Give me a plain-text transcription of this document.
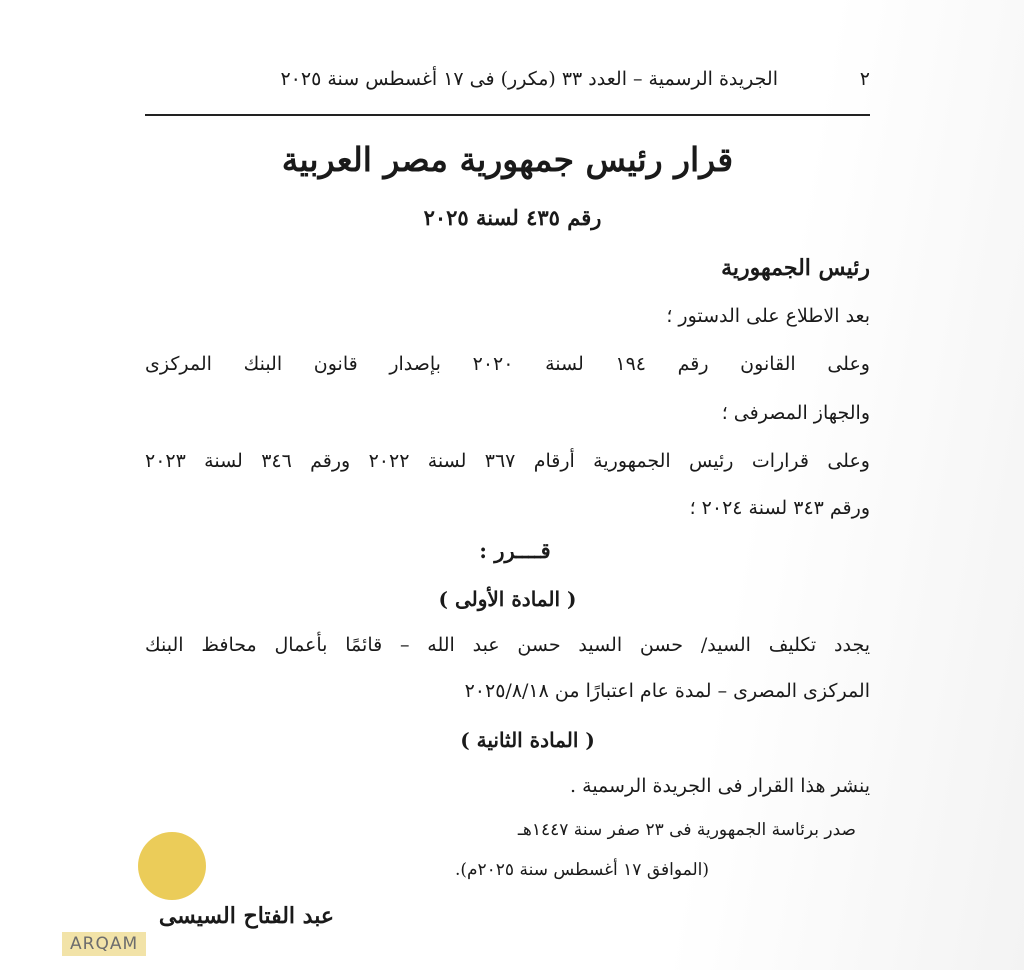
٢
الجريدة الرسمية – العدد ٣٣ (مكرر) فى ١٧ أغسطس سنة ٢٠٢٥
قرار رئيس جمهورية مصر العربية
رقم ٤٣٥ لسنة ٢٠٢٥
رئيس الجمهورية
بعد الاطلاع على الدستور ؛
وعلى القانون رقم ١٩٤ لسنة ٢٠٢٠ بإصدار قانون البنك المركزى
والجهاز المصرفى ؛
وعلى قرارات رئيس الجمهورية أرقام ٣٦٧ لسنة ٢٠٢٢ ورقم ٣٤٦ لسنة ٢٠٢٣
ورقم ٣٤٣ لسنة ٢٠٢٤ ؛
قــــرر :
( المادة الأولى )
يجدد تكليف السيد/ حسن السيد حسن عبد الله – قائمًا بأعمال محافظ البنك
المركزى المصرى – لمدة عام اعتبارًا من ٢٠٢٥/٨/١٨
( المادة الثانية )
ينشر هذا القرار فى الجريدة الرسمية .
صدر برئاسة الجمهورية فى ٢٣ صفر سنة ١٤٤٧هـ
(الموافق ١٧ أغسطس سنة ٢٠٢٥م).
عبد الفتاح السيسى
ARQAM
